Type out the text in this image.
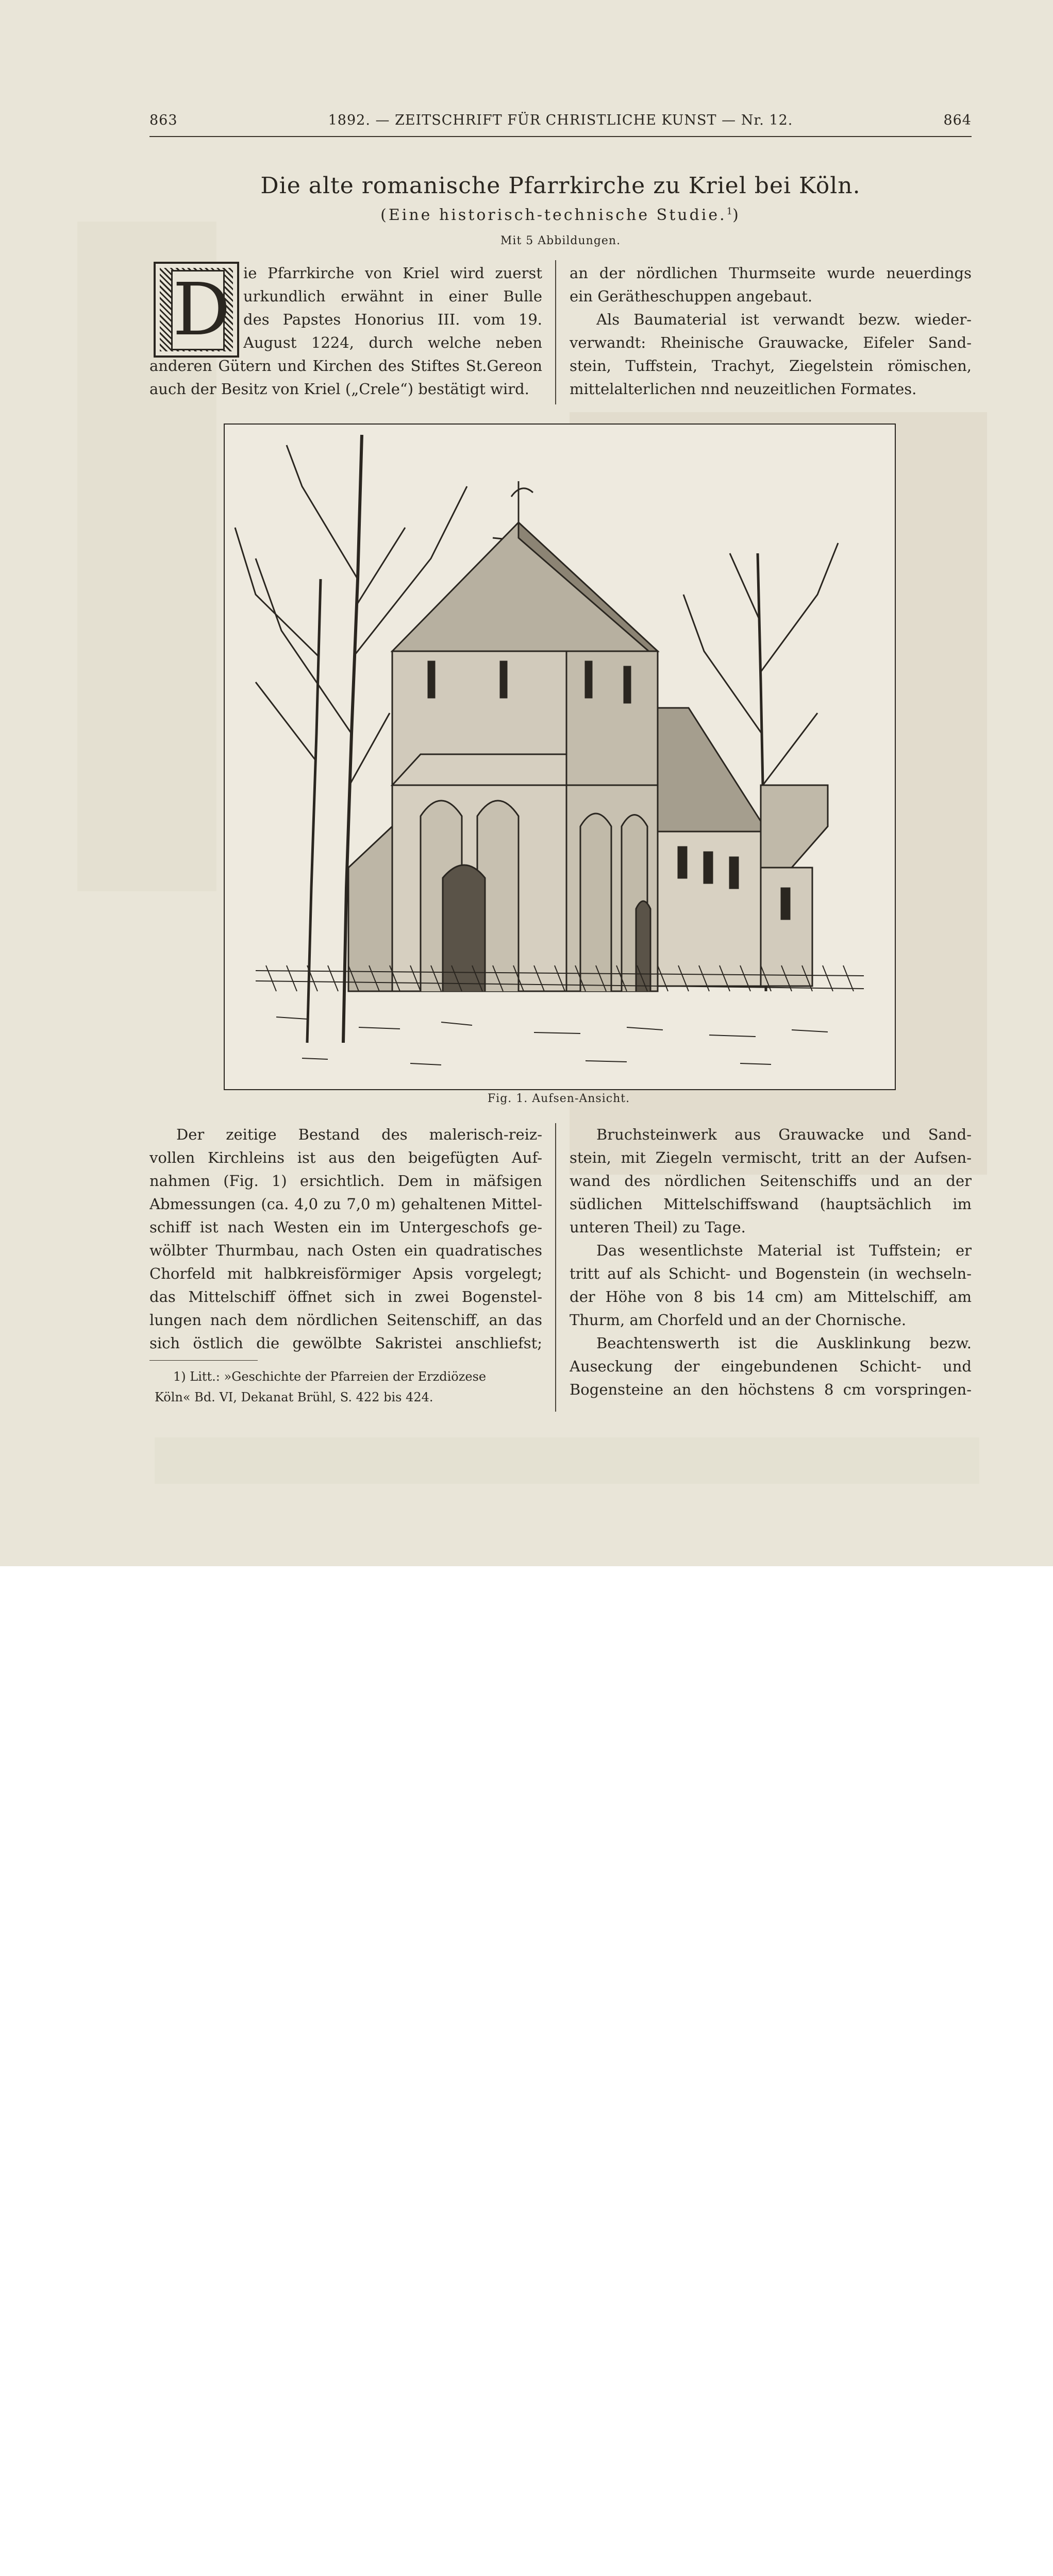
863	1892. — ZEITSCHRIFT FÜR CHRISTLICHE KUNST — Nr. 12.	864
Die alte romanische Pfarrkirche zu Kriel bei Köln.
(Eine historisch-technische Studie.$^1$)
Mit 5 Abbildungen.
D ie Pfarrkirche von Kriel wird zuerst
urkundlich erwähnt in einer Bulle
des Papstes Honorius III. vom 19.
August 1224, durch welche neben
anderen Gütern und Kirchen des Stiftes St.Gereon
auch der Besitz von Kriel („Crele“) bestätigt wird.
an der nördlichen Thurmseite wurde neuerdings
ein Gerätheschuppen angebaut.
Als Baumaterial ist verwandt bezw. wieder-
verwandt: Rheinische Grauwacke, Eifeler Sand-
stein, Tuffstein, Trachyt, Ziegelstein römischen,
mittelalterlichen nnd neuzeitlichen Formates.
Fig. 1. Aufsen-Ansicht.
Der zeitige Bestand des malerisch-reiz-
vollen Kirchleins ist aus den beigefügten Auf-
nahmen (Fig. 1) ersichtlich. Dem in mäfsigen
Abmessungen (ca. 4,0 zu 7,0 m) gehaltenen Mittel-
schiff ist nach Westen ein im Untergeschofs ge-
wölbter Thurmbau, nach Osten ein quadratisches
Chorfeld mit halbkreisförmiger Apsis vorgelegt;
das Mittelschiff öffnet sich in zwei Bogenstel-
lungen nach dem nördlichen Seitenschiff, an das
sich östlich die gewölbte Sakristei anschliefst;
Bruchsteinwerk aus Grauwacke und Sand-
stein, mit Ziegeln vermischt, tritt an der Aufsen-
wand des nördlichen Seitenschiffs und an der
südlichen Mittelschiffswand (hauptsächlich im
unteren Theil) zu Tage.
Das wesentlichste Material ist Tuffstein; er
tritt auf als Schicht- und Bogenstein (in wechseln-
der Höhe von 8 bis 14 cm) am Mittelschiff, am
Thurm, am Chorfeld und an der Chornische.
Beachtenswerth ist die Ausklinkung bezw.
Auseckung der eingebundenen Schicht- und
Bogensteine an den höchstens 8 cm vorspringen-
1) Litt.: »Geschichte der Pfarreien der Erzdiözese
Köln« Bd. VI, Dekanat Brühl, S. 422 bis 424.
